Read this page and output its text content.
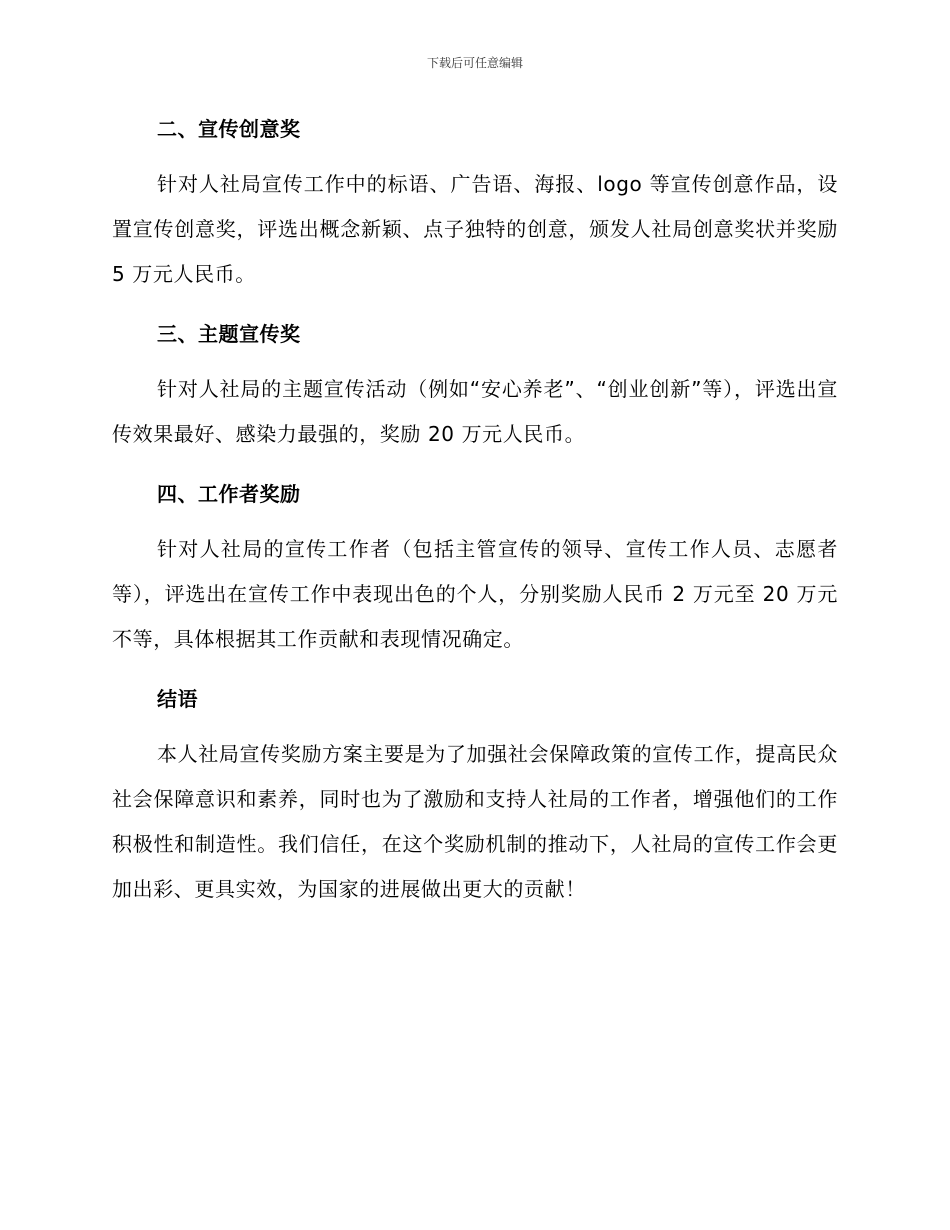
下载后可任意编辑
二、宣传创意奖

针对人社局宣传工作中的标语、广告语、海报、logo 等宣传创意作品，设置宣传创意奖，评选出概念新颖、点子独特的创意，颁发人社局创意奖状并奖励 5 万元人民币。

三、主题宣传奖

针对人社局的主题宣传活动（例如“安心养老”、“创业创新”等），评选出宣传效果最好、感染力最强的，奖励 20 万元人民币。

四、工作者奖励

针对人社局的宣传工作者（包括主管宣传的领导、宣传工作人员、志愿者等），评选出在宣传工作中表现出色的个人，分别奖励人民币 2 万元至 20 万元不等，具体根据其工作贡献和表现情况确定。

结语

本人社局宣传奖励方案主要是为了加强社会保障政策的宣传工作，提高民众社会保障意识和素养，同时也为了激励和支持人社局的工作者，增强他们的工作积极性和制造性。我们信任，在这个奖励机制的推动下，人社局的宣传工作会更加出彩、更具实效，为国家的进展做出更大的贡献！
